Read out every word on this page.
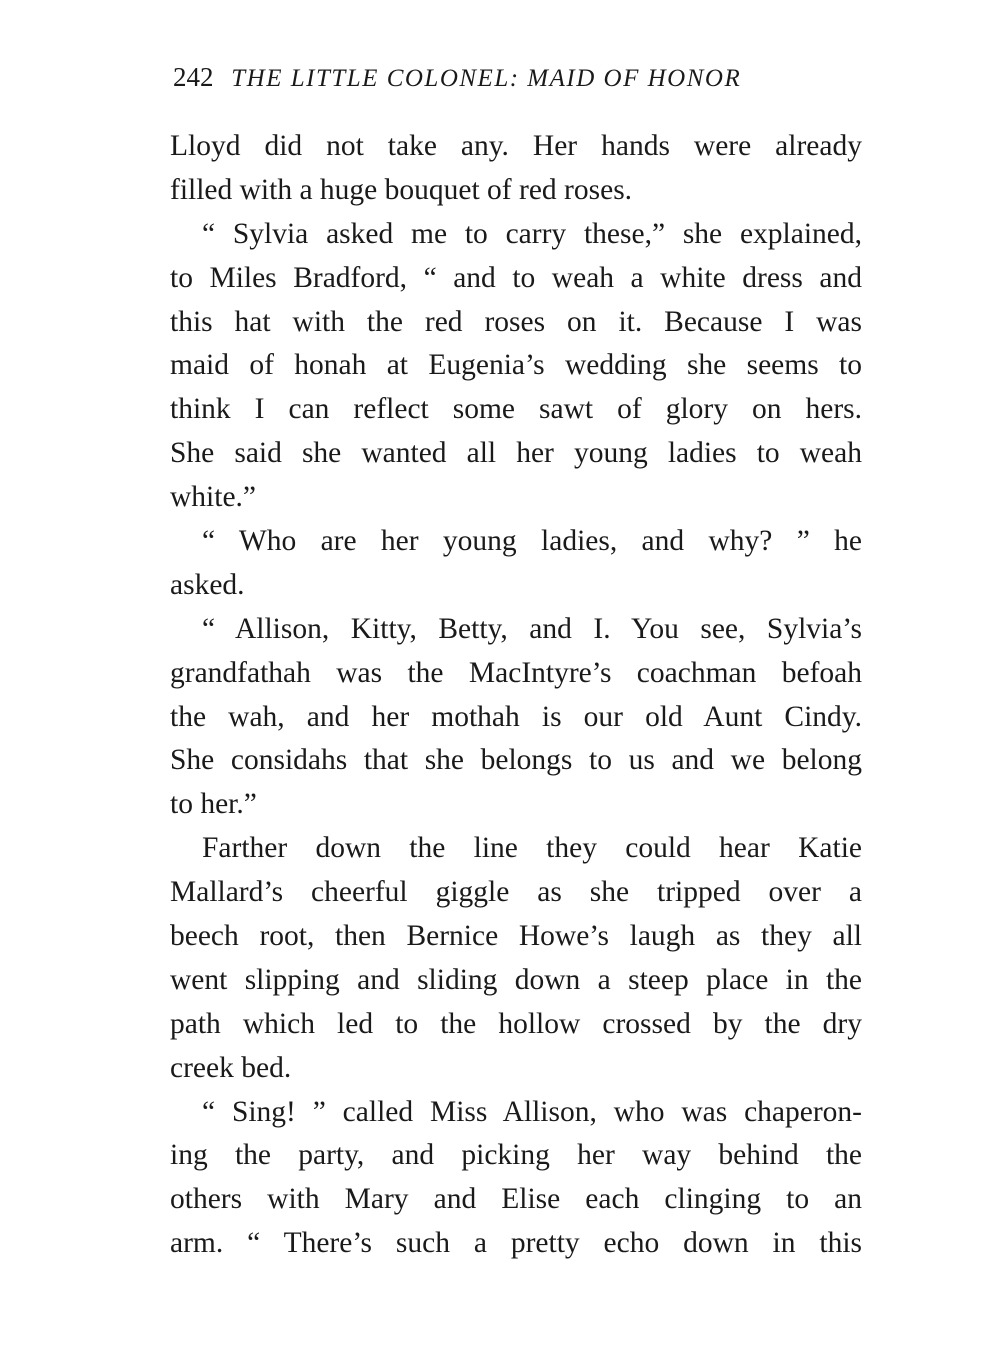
242 THE LITTLE COLONEL: MAID OF HONOR
Lloyd did not take any. Her hands were already
filled with a huge bouquet of red roses.
“ Sylvia asked me to carry these,” she explained,
to Miles Bradford, “ and to weah a white dress and
this hat with the red roses on it. Because I was
maid of honah at Eugenia’s wedding she seems to
think I can reflect some sawt of glory on hers.
She said she wanted all her young ladies to weah
white.”
“ Who are her young ladies, and why? ” he
asked.
“ Allison, Kitty, Betty, and I. You see, Sylvia’s
grandfathah was the MacIntyre’s coachman befoah
the wah, and her mothah is our old Aunt Cindy.
She considahs that she belongs to us and we belong
to her.”
Farther down the line they could hear Katie
Mallard’s cheerful giggle as she tripped over a
beech root, then Bernice Howe’s laugh as they all
went slipping and sliding down a steep place in the
path which led to the hollow crossed by the dry
creek bed.
“ Sing! ” called Miss Allison, who was chaperon-
ing the party, and picking her way behind the
others with Mary and Elise each clinging to an
arm. “ There’s such a pretty echo down in this
